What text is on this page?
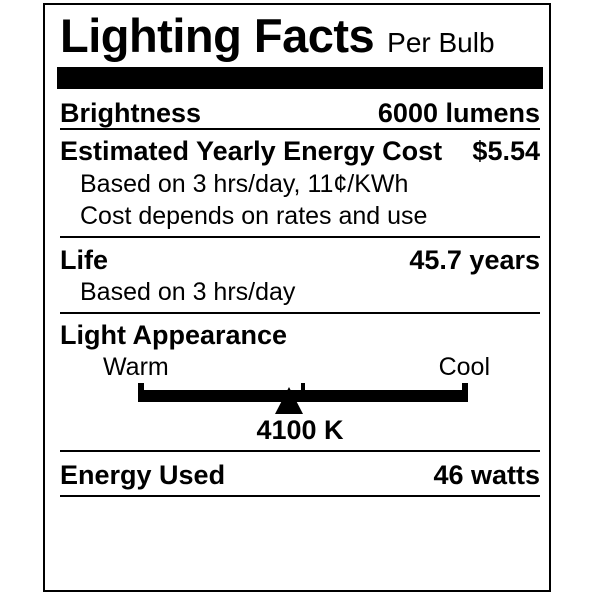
Lighting Facts Per Bulb
Brightness	6000 lumens
Estimated Yearly Energy Cost $5.54
Based on 3 hrs/day, 11¢/KWh
Cost depends on rates and use
Life	45.7 years
Based on 3 hrs/day
Light Appearance
Warm	Cool
4100 K
Energy Used	46 watts
